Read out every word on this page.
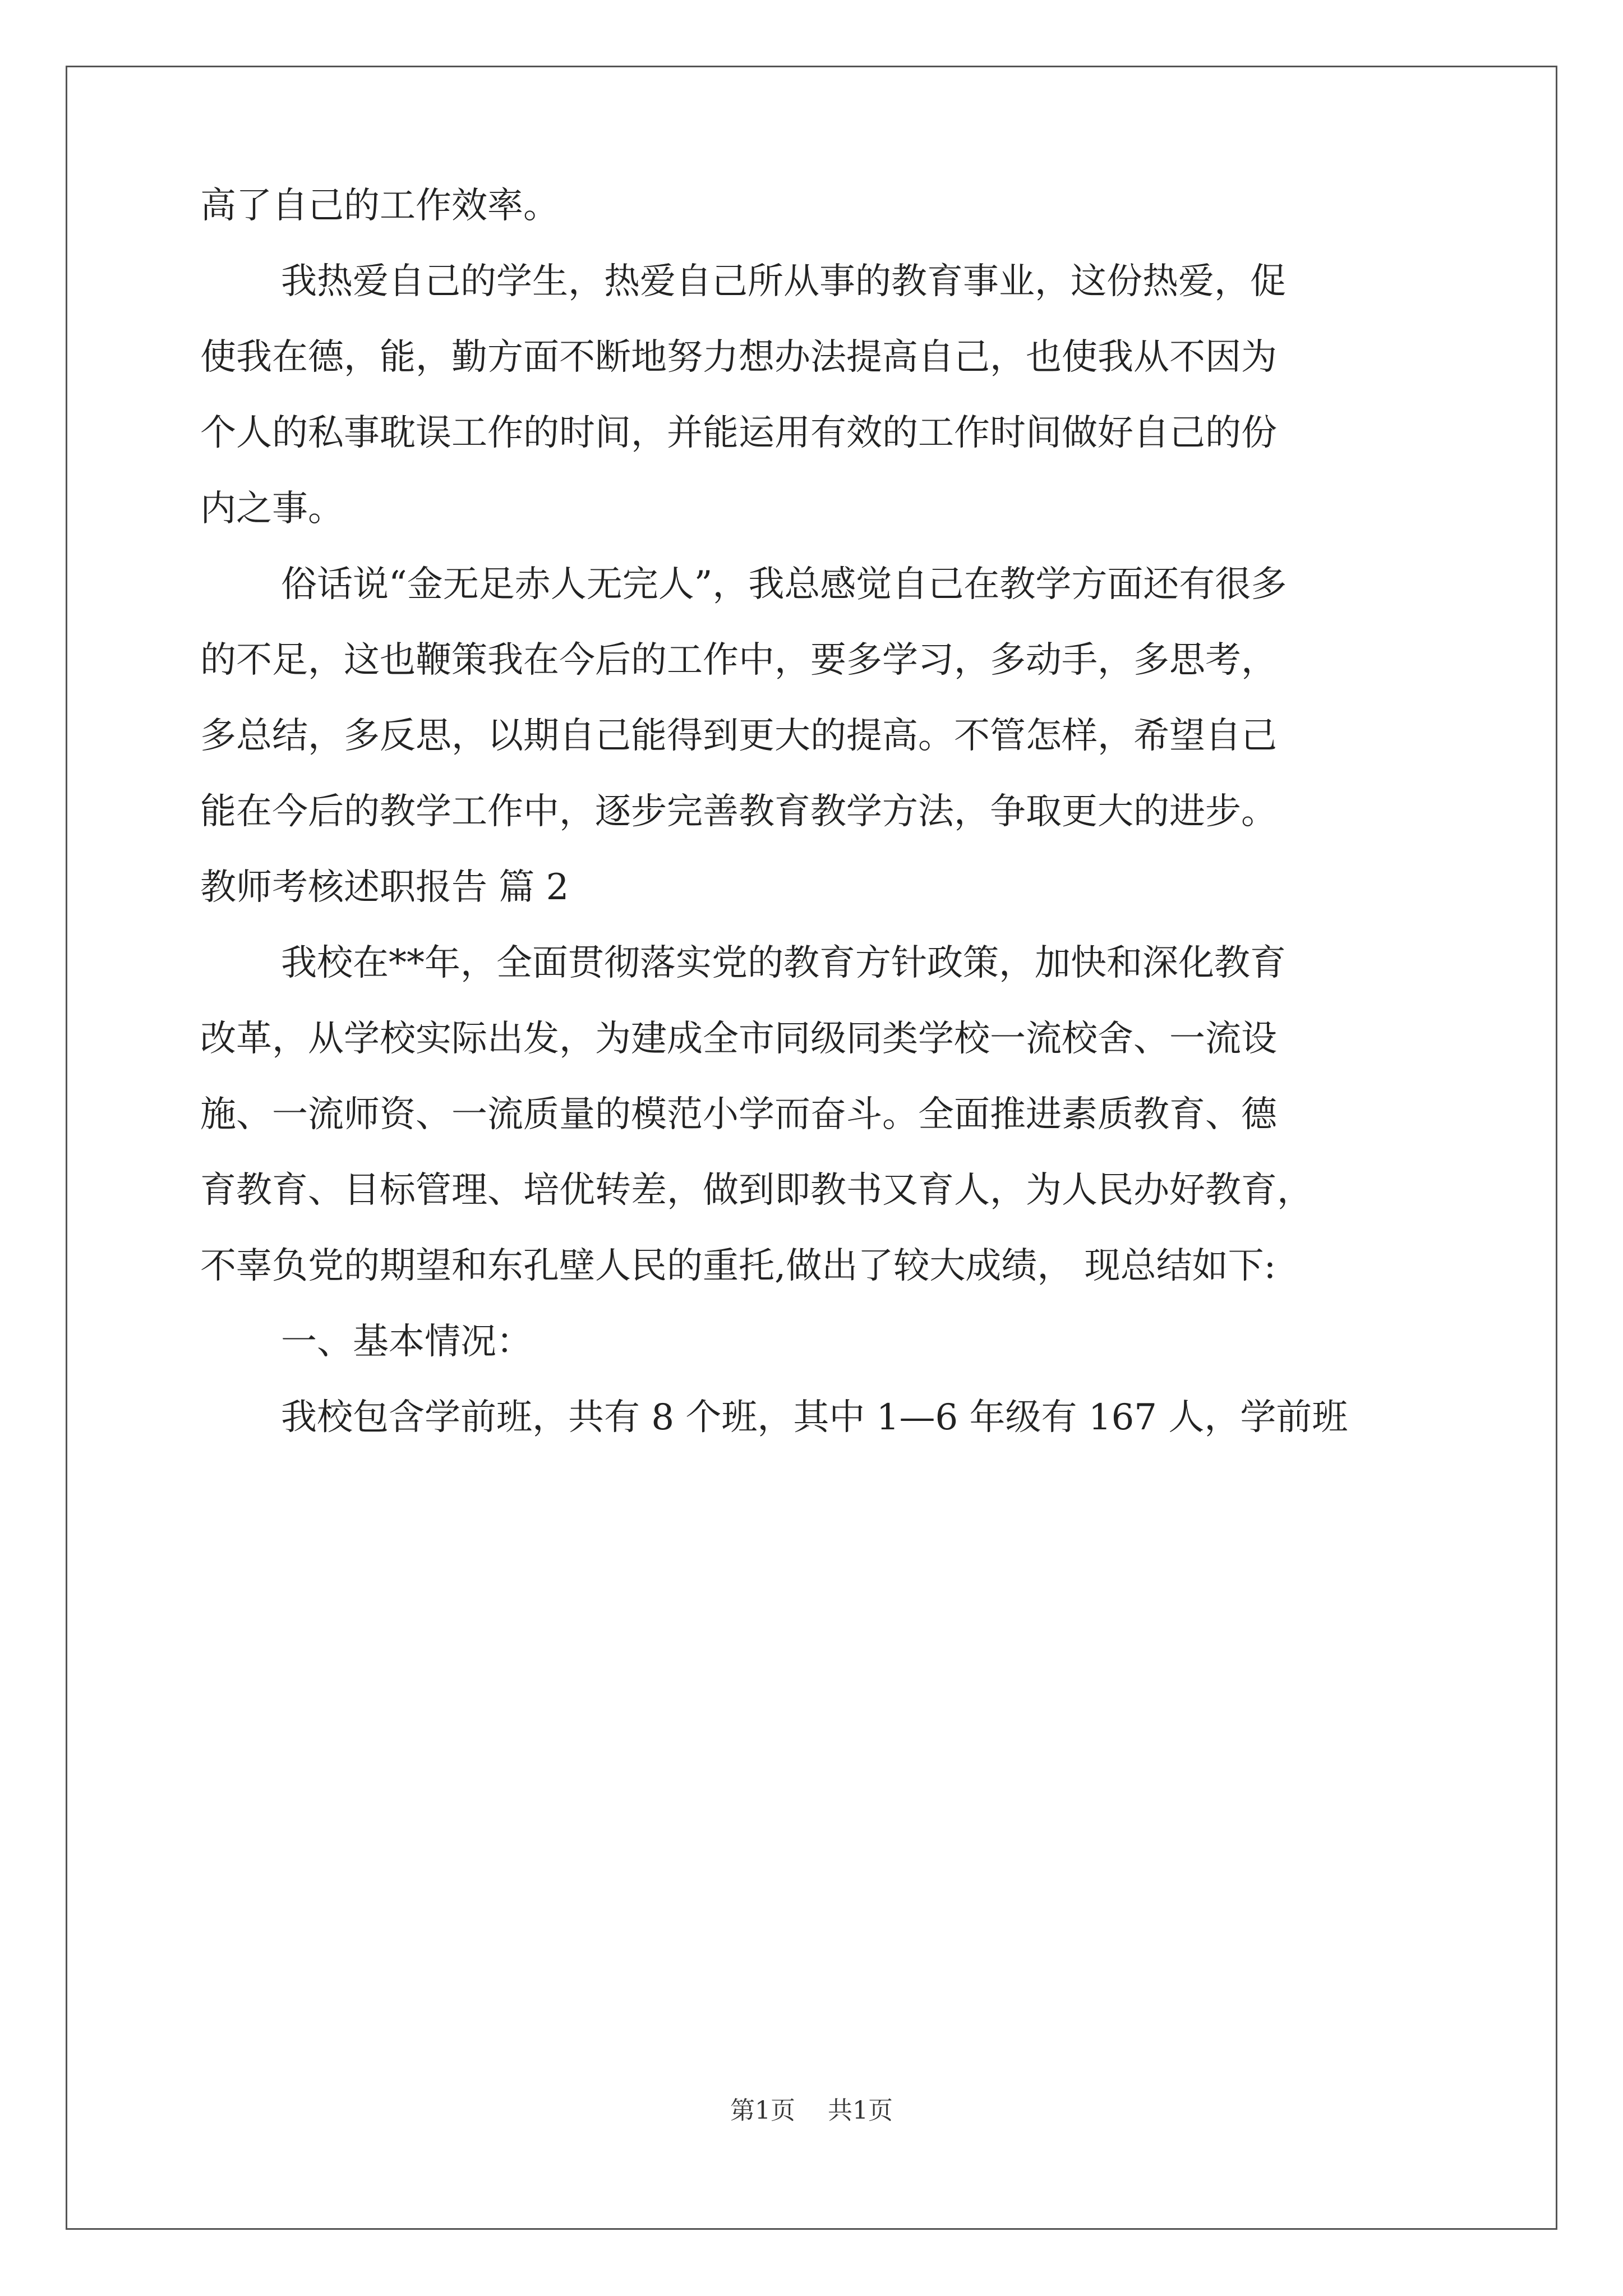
高了自己的工作效率。

我热爱自己的学生，热爱自己所从事的教育事业，这份热爱，促

使我在德，能，勤方面不断地努力想办法提高自己，也使我从不因为

个人的私事耽误工作的时间，并能运用有效的工作时间做好自己的份

内之事。

俗话说“金无足赤人无完人”，我总感觉自己在教学方面还有很多

的不足，这也鞭策我在今后的工作中，要多学习，多动手，多思考，

多总结，多反思，以期自己能得到更大的提高。不管怎样，希望自己

能在今后的教学工作中，逐步完善教育教学方法，争取更大的进步。

教师考核述职报告 篇 2

我校在**年，全面贯彻落实党的教育方针政策，加快和深化教育

改革，从学校实际出发，为建成全市同级同类学校一流校舍、一流设

施、一流师资、一流质量的模范小学而奋斗。全面推进素质教育、德

育教育、目标管理、培优转差，做到即教书又育人，为人民办好教育，

不辜负党的期望和东孔壁人民的重托,做出了较大成绩， 现总结如下:

一、基本情况：

我校包含学前班，共有 8 个班，其中 1—6 年级有 167 人，学前班

第1页 共1页
